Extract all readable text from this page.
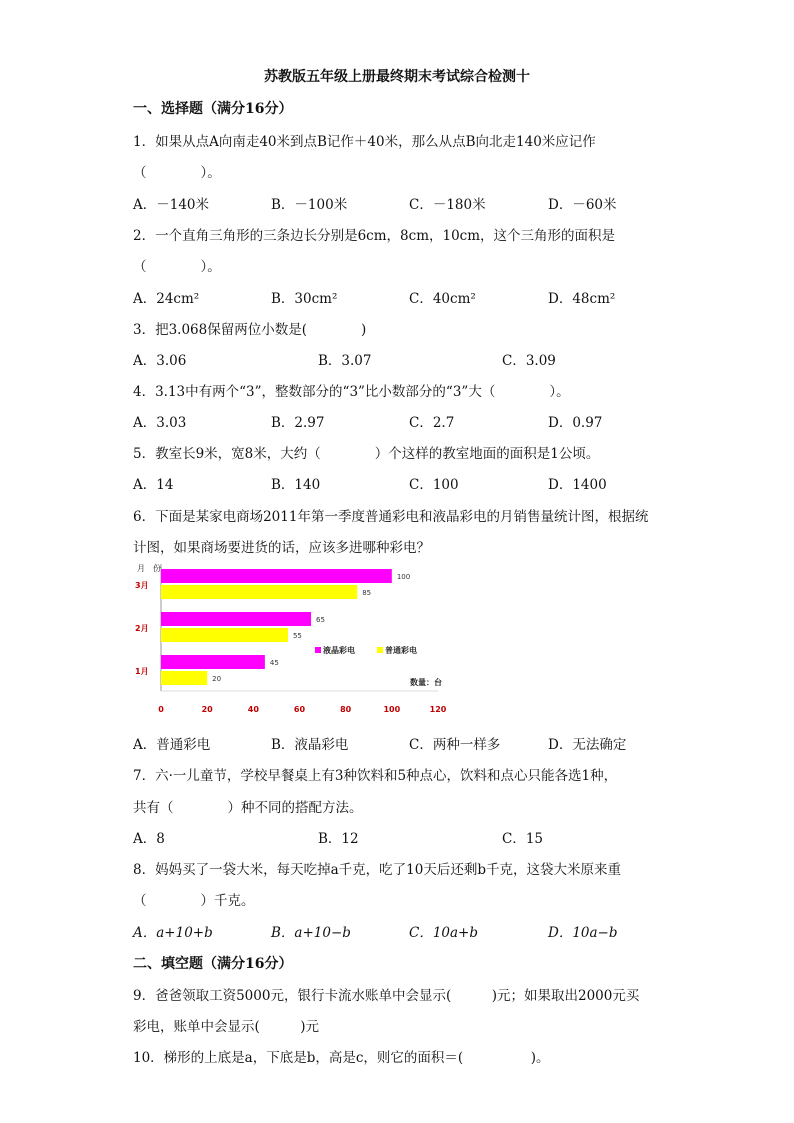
苏教版五年级上册最终期末考试综合检测十
一、选择题（满分16分）
1．如果从点A向南走40米到点B记作＋40米，那么从点B向北走140米应记作
（　　　　）。
A．－140米	B．－100米	C．－180米	D．－60米
2．一个直角三角形的三条边长分别是6cm，8cm，10cm，这个三角形的面积是
（　　　　）。
A．24cm²	B．30cm²	C．40cm²	D．48cm²
3．把3.068保留两位小数是(　　　　)
A．3.06	B．3.07	C．3.09
4．3.13中有两个“3”，整数部分的“3”比小数部分的“3”大（　　　　）。
A．3.03	B．2.97	C．2.7	D．0.97
5．教室长9米，宽8米，大约（　　　　）个这样的教室地面的面积是1公顷。
A．14	B．140	C．100	D．1400
6．下面是某家电商场2011年第一季度普通彩电和液晶彩电的月销售量统计图，根据统
计图，如果商场要进货的话，应该多进哪种彩电？
月　份
3月
100
85
2月
65
55
1月
45
20
0	20	40	60	80	100	120
液晶彩电	普通彩电
数量：台
A．普通彩电	B．液晶彩电	C．两种一样多	D．无法确定
7．六·一儿童节，学校早餐桌上有3种饮料和5种点心，饮料和点心只能各选1种，
共有（　　　　）种不同的搭配方法。
A．8	B．12	C．15
8．妈妈买了一袋大米，每天吃掉a千克，吃了10天后还剩b千克，这袋大米原来重
（　　　　）千克。
A．a+10+b	B．a+10−b	C．10a+b	D．10a−b
二、填空题（满分16分）
9．爸爸领取工资5000元，银行卡流水账单中会显示(　　　)元；如果取出2000元买
彩电，账单中会显示(　　　)元
10．梯形的上底是a，下底是b，高是c，则它的面积＝(　　　　　)。
